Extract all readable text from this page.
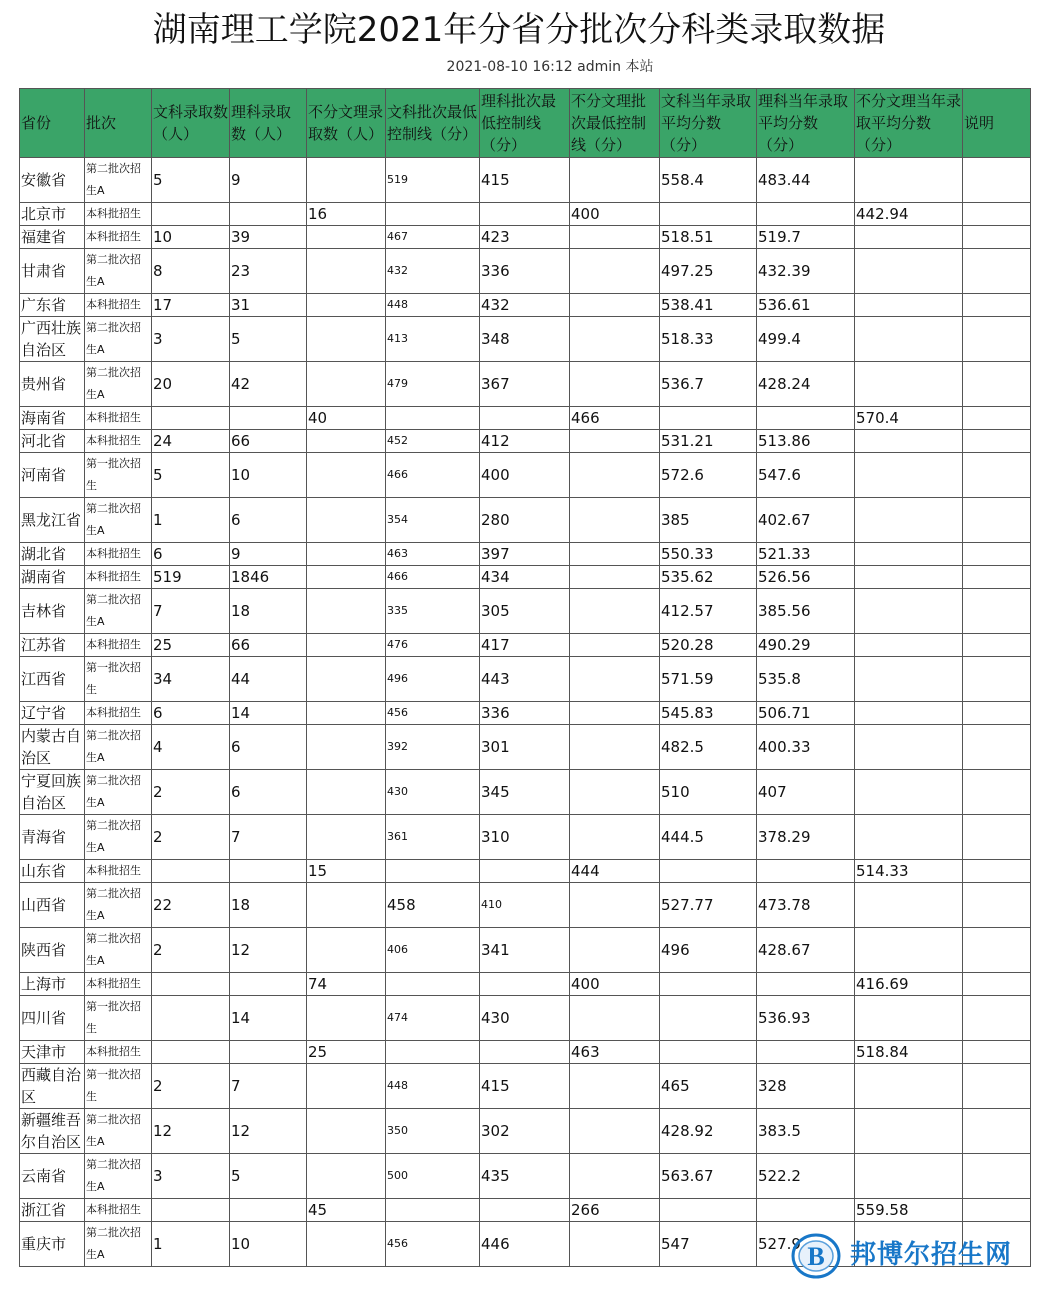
湖南理工学院2021年分省分批次分科类录取数据
2021-08-10 16:12 admin 本站
省份	批次	文科录取数（人）	理科录取数（人）	不分文理录取数（人）	文科批次最低控制线（分）	理科批次最低控制线（分）	不分文理批次最低控制线（分）	文科当年录取平均分数（分）	理科当年录取平均分数（分）	不分文理当年录取平均分数（分）	说明
安徽省	第二批次招生A	5	9		519	415		558.4	483.44		
北京市	本科批招生			16			400			442.94	
福建省	本科批招生	10	39		467	423		518.51	519.7		
甘肃省	第二批次招生A	8	23		432	336		497.25	432.39		
广东省	本科批招生	17	31		448	432		538.41	536.61		
广西壮族自治区	第二批次招生A	3	5		413	348		518.33	499.4		
贵州省	第二批次招生A	20	42		479	367		536.7	428.24		
海南省	本科批招生			40			466			570.4	
河北省	本科批招生	24	66		452	412		531.21	513.86		
河南省	第一批次招生	5	10		466	400		572.6	547.6		
黑龙江省	第二批次招生A	1	6		354	280		385	402.67		
湖北省	本科批招生	6	9		463	397		550.33	521.33		
湖南省	本科批招生	519	1846		466	434		535.62	526.56		
吉林省	第二批次招生A	7	18		335	305		412.57	385.56		
江苏省	本科批招生	25	66		476	417		520.28	490.29		
江西省	第一批次招生	34	44		496	443		571.59	535.8		
辽宁省	本科批招生	6	14		456	336		545.83	506.71		
内蒙古自治区	第二批次招生A	4	6		392	301		482.5	400.33		
宁夏回族自治区	第二批次招生A	2	6		430	345		510	407		
青海省	第二批次招生A	2	7		361	310		444.5	378.29		
山东省	本科批招生			15			444			514.33	
山西省	第二批次招生A	22	18		458	410		527.77	473.78		
陕西省	第二批次招生A	2	12		406	341		496	428.67		
上海市	本科批招生			74			400			416.69	
四川省	第一批次招生		14		474	430			536.93		
天津市	本科批招生			25			463			518.84	
西藏自治区	第一批次招生	2	7		448	415		465	328		
新疆维吾尔自治区	第二批次招生A	12	12		350	302		428.92	383.5		
云南省	第二批次招生A	3	5		500	435		563.67	522.2		
浙江省	本科批招生			45			266			559.58	
重庆市	第二批次招生A	1	10		456	446		547	527.9		B 邦博尔招生网
